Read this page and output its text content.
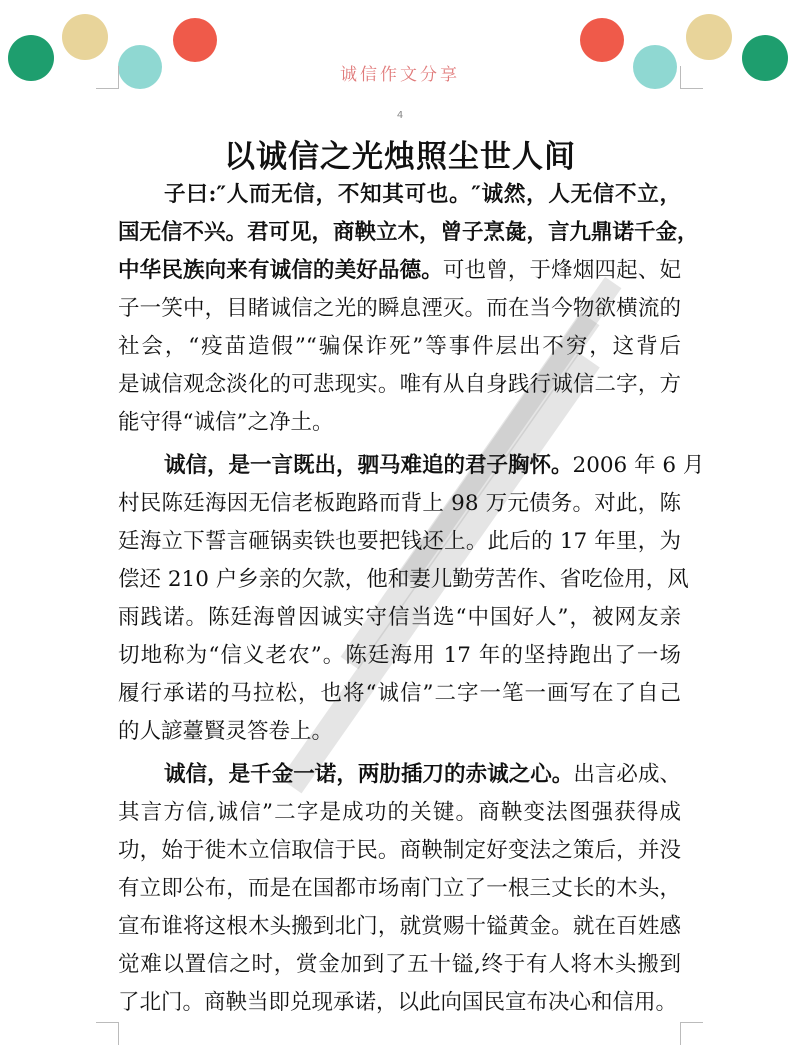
诚信作文分享
4
以诚信之光烛照尘世人间
子曰:″人而无信，不知其可也。″诚然，人无信不立，
国无信不兴。君可见，商鞅立木，曾子烹彘，言九鼎诺千金，
中华民族向来有诚信的美好品德。可也曾，于烽烟四起、妃
子一笑中，目睹诚信之光的瞬息湮灭。而在当今物欲横流的
社会，“疫苗造假”“骗保诈死”等事件层出不穷，这背后
是诚信观念淡化的可悲现实。唯有从自身践行诚信二字，方
能守得“诚信”之净土。
诚信，是一言既出，驷马难追的君子胸怀。2006 年 6 月
村民陈廷海因无信老板跑路而背上 98 万元债务。对此，陈
廷海立下誓言砸锅卖铁也要把钱还上。此后的 17 年里，为
偿还 210 户乡亲的欠款，他和妻儿勤劳苦作、省吃俭用，风
雨践诺。陈廷海曾因诚实守信当选“中国好人”，被网友亲
切地称为“信义老农”。陈廷海用 17 年的坚持跑出了一场
履行承诺的马拉松，也将“诚信”二字一笔一画写在了自己
的人諺薹賢灵答卷上。
诚信，是千金一诺，两肋插刀的赤诚之心。出言必成、
其言方信,诚信”二字是成功的关键。商鞅变法图强获得成
功，始于徙木立信取信于民。商鞅制定好变法之策后，并没
有立即公布，而是在国都市场南门立了一根三丈长的木头，
宣布谁将这根木头搬到北门，就赏赐十镒黄金。就在百姓感
觉难以置信之时，赏金加到了五十镒,终于有人将木头搬到
了北门。商鞅当即兑现承诺，以此向国民宣布决心和信用。
